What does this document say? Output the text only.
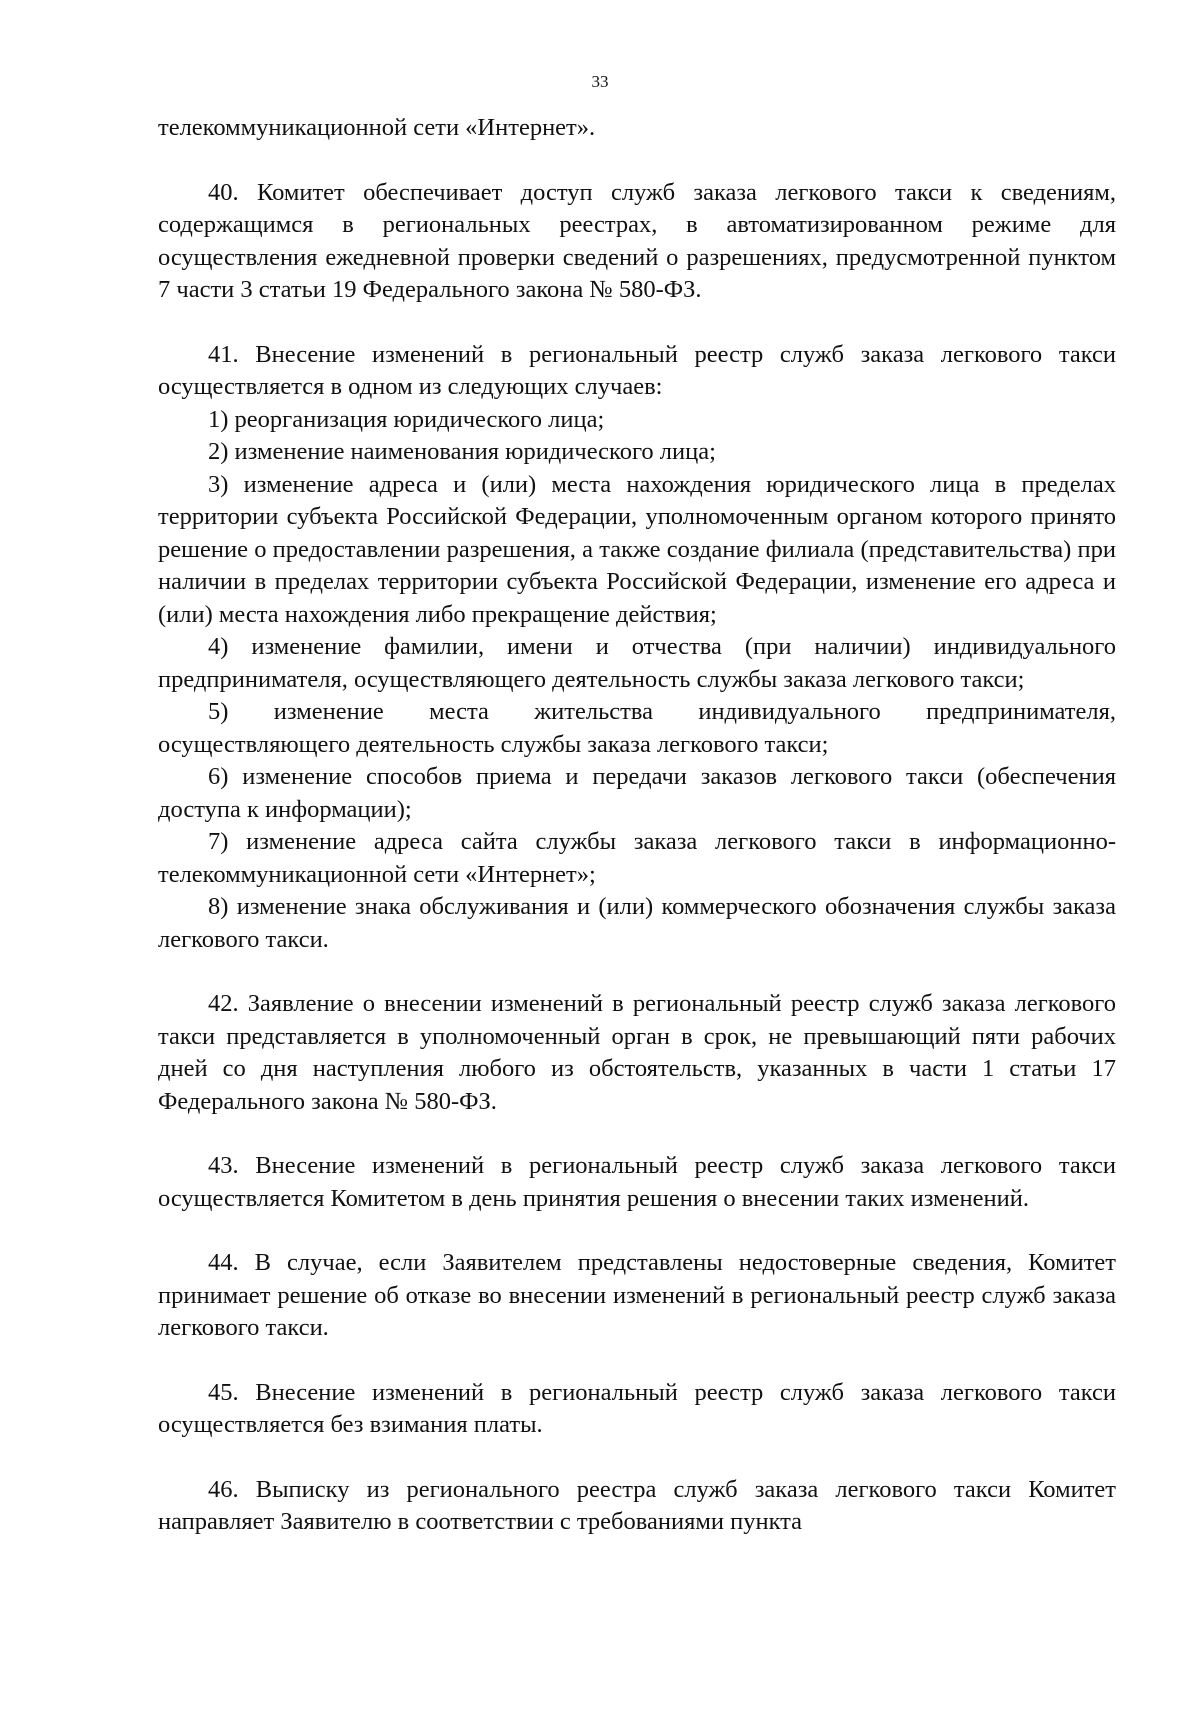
33

телекоммуникационной сети «Интернет».

40. Комитет обеспечивает доступ служб заказа легкового такси к сведениям, содержащимся в региональных реестрах, в автоматизированном режиме для осуществления ежедневной проверки сведений о разрешениях, предусмотренной пунктом 7 части 3 статьи 19 Федерального закона № 580-ФЗ.

41. Внесение изменений в региональный реестр служб заказа легкового такси осуществляется в одном из следующих случаев:

1) реорганизация юридического лица;

2) изменение наименования юридического лица;

3) изменение адреса и (или) места нахождения юридического лица в пределах территории субъекта Российской Федерации, уполномоченным органом которого принято решение о предоставлении разрешения, а также создание филиала (представительства) при наличии в пределах территории субъекта Российской Федерации, изменение его адреса и (или) места нахождения либо прекращение действия;

4) изменение фамилии, имени и отчества (при наличии) индивидуального предпринимателя, осуществляющего деятельность службы заказа легкового такси;

5) изменение места жительства индивидуального предпринимателя, осуществляющего деятельность службы заказа легкового такси;

6) изменение способов приема и передачи заказов легкового такси (обеспечения доступа к информации);

7) изменение адреса сайта службы заказа легкового такси в информационно-телекоммуникационной сети «Интернет»;

8) изменение знака обслуживания и (или) коммерческого обозначения службы заказа легкового такси.

42. Заявление о внесении изменений в региональный реестр служб заказа легкового такси представляется в уполномоченный орган в срок, не превышающий пяти рабочих дней со дня наступления любого из обстоятельств, указанных в части 1 статьи 17 Федерального закона № 580-ФЗ.

43. Внесение изменений в региональный реестр служб заказа легкового такси осуществляется Комитетом в день принятия решения о внесении таких изменений.

44. В случае, если Заявителем представлены недостоверные сведения, Комитет принимает решение об отказе во внесении изменений в региональный реестр служб заказа легкового такси.

45. Внесение изменений в региональный реестр служб заказа легкового такси осуществляется без взимания платы.

46. Выписку из регионального реестра служб заказа легкового такси Комитет направляет Заявителю в соответствии с требованиями пункта
